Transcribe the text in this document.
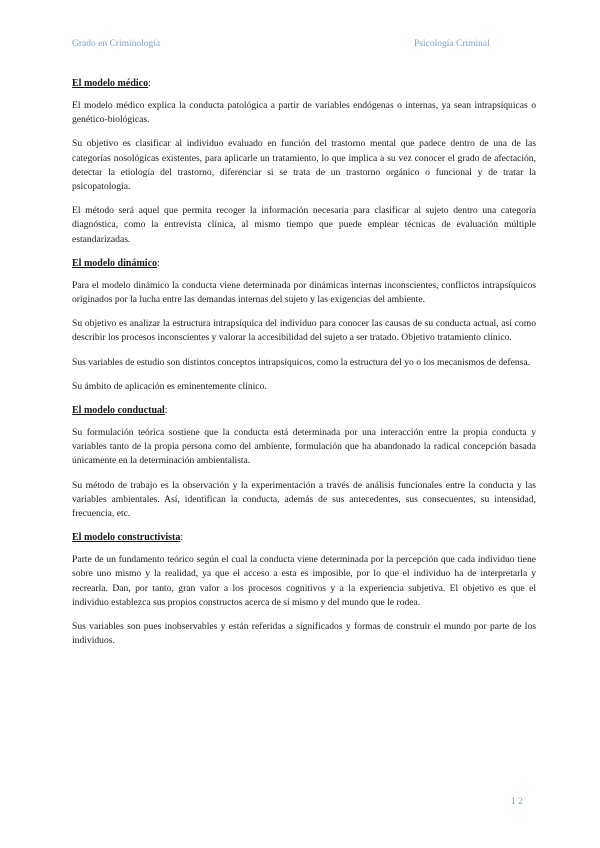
Grado en Criminología	Psicología Criminal
El modelo médico:

El modelo médico explica la conducta patológica a partir de variables endógenas o internas, ya sean intrapsíquicas o genético-biológicas.

Su objetivo es clasificar al individuo evaluado en función del trastorno mental que padece dentro de una de las categorías nosológicas existentes, para aplicarle un tratamiento, lo que implica a su vez conocer el grado de afectación, detectar la etiología del trastorno, diferenciar si se trata de un trastorno orgánico o funcional y de tratar la psicopatología.

El método será aquel que permita recoger la información necesaria para clasificar al sujeto dentro una categoría diagnóstica, como la entrevista clínica, al mismo tiempo que puede emplear técnicas de evaluación múltiple estandarizadas.

El modelo dinámico:

Para el modelo dinámico la conducta viene determinada por dinámicas internas inconscientes, conflictos intrapsíquicos originados por la lucha entre las demandas internas del sujeto y las exigencias del ambiente.

Su objetivo es analizar la estructura intrapsíquica del individuo para conocer las causas de su conducta actual, así como describir los procesos inconscientes y valorar la accesibilidad del sujeto a ser tratado. Objetivo tratamiento clínico.

Sus variables de estudio son distintos conceptos intrapsíquicos, como la estructura del yo o los mecanismos de defensa.

Su ámbito de aplicación es eminentemente clínico.

El modelo conductual:

Su formulación teórica sostiene que la conducta está determinada por una interacción entre la propia conducta y variables tanto de la propia persona como del ambiente, formulación que ha abandonado la radical concepción basada únicamente en la determinación ambientalista.

Su método de trabajo es la observación y la experimentación a través de análisis funcionales entre la conducta y las variables ambientales. Así, identifican la conducta, además de sus antecedentes, sus consecuentes, su intensidad, frecuencia, etc.

El modelo constructivista:

Parte de un fundamento teórico según el cual la conducta viene determinada por la percepción que cada individuo tiene sobre uno mismo y la realidad, ya que el acceso a esta es imposible, por lo que el individuo ha de interpretarla y recrearla. Dan, por tanto, gran valor a los procesos cognitivos y a la experiencia subjetiva. El objetivo es que el individuo establezca sus propios constructos acerca de sí mismo y del mundo que le rodea.

Sus variables son pues inobservables y están referidas a significados y formas de construir el mundo por parte de los individuos.

1 2
